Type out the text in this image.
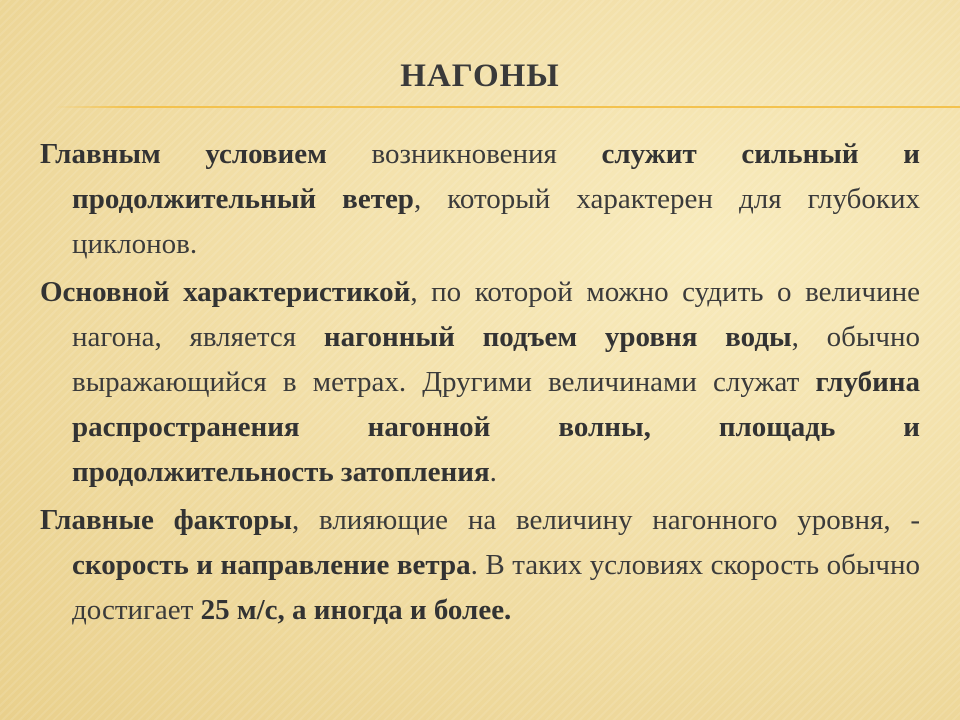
НАГОНЫ

Главным условием возникновения служит сильный и продолжительный ветер, который характерен для глубоких циклонов.

Основной характеристикой, по которой можно судить о величине нагона, является нагонный подъем уровня воды, обычно выражающийся в метрах. Другими величинами служат глубина распространения нагонной волны, площадь и продолжительность затопления.

Главные факторы, влияющие на величину нагонного уровня, - скорость и направление ветра. В таких условиях скорость обычно достигает 25 м/с, а иногда и более.
